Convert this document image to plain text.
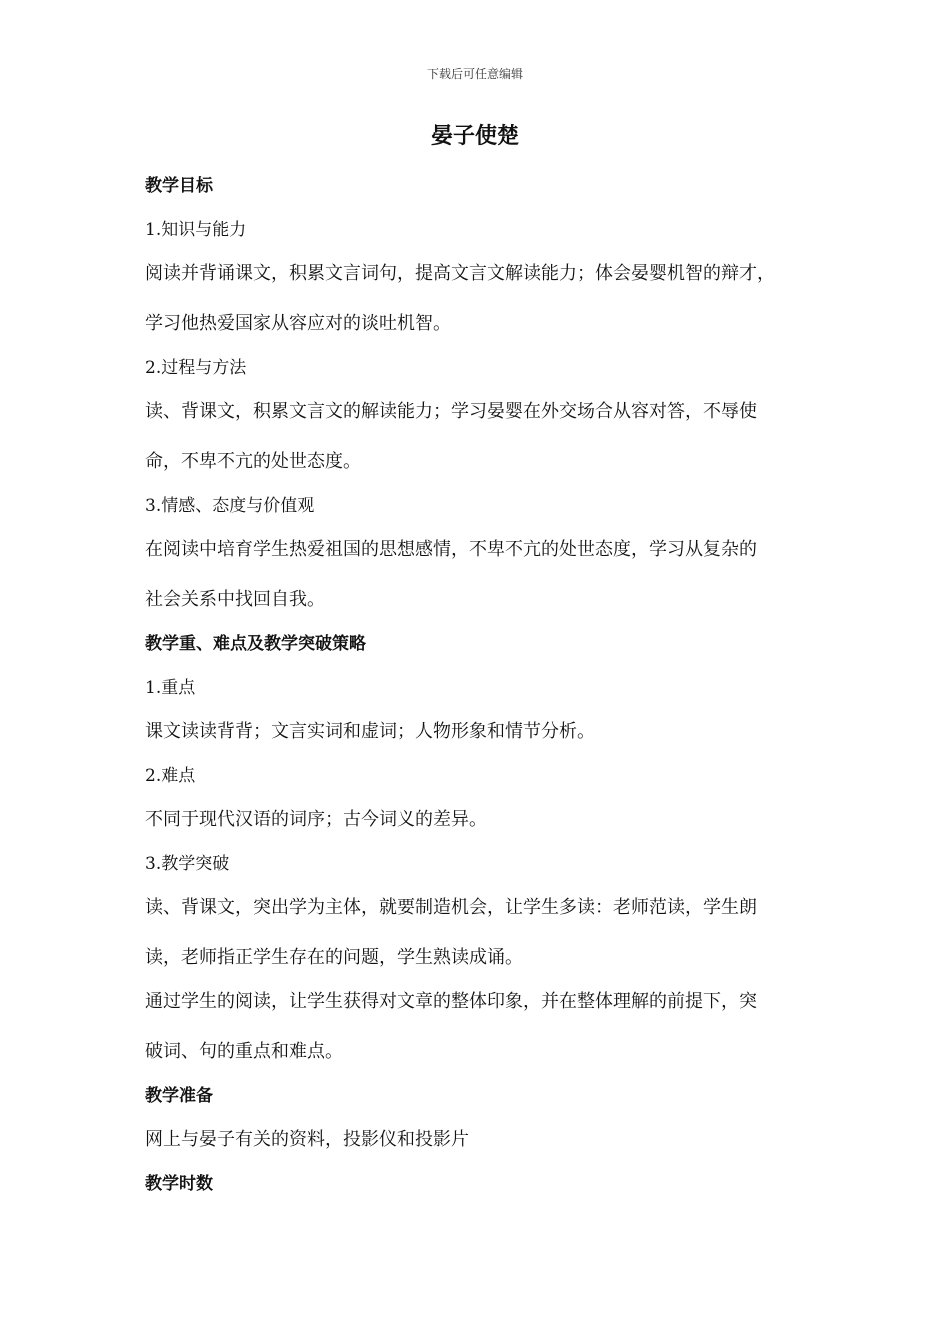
下载后可任意编辑
晏子使楚
教学目标
1.知识与能力
阅读并背诵课文，积累文言词句，提高文言文解读能力；体会晏婴机智的辩才，
学习他热爱国家从容应对的谈吐机智。
2.过程与方法
读、背课文，积累文言文的解读能力；学习晏婴在外交场合从容对答，不辱使
命，不卑不亢的处世态度。
3.情感、态度与价值观
在阅读中培育学生热爱祖国的思想感情，不卑不亢的处世态度，学习从复杂的
社会关系中找回自我。
教学重、难点及教学突破策略
1.重点
课文读读背背；文言实词和虚词；人物形象和情节分析。
2.难点
不同于现代汉语的词序；古今词义的差异。
3.教学突破
读、背课文，突出学为主体，就要制造机会，让学生多读：老师范读，学生朗
读，老师指正学生存在的问题，学生熟读成诵。
通过学生的阅读，让学生获得对文章的整体印象，并在整体理解的前提下，突
破词、句的重点和难点。
教学准备
网上与晏子有关的资料，投影仪和投影片
教学时数
